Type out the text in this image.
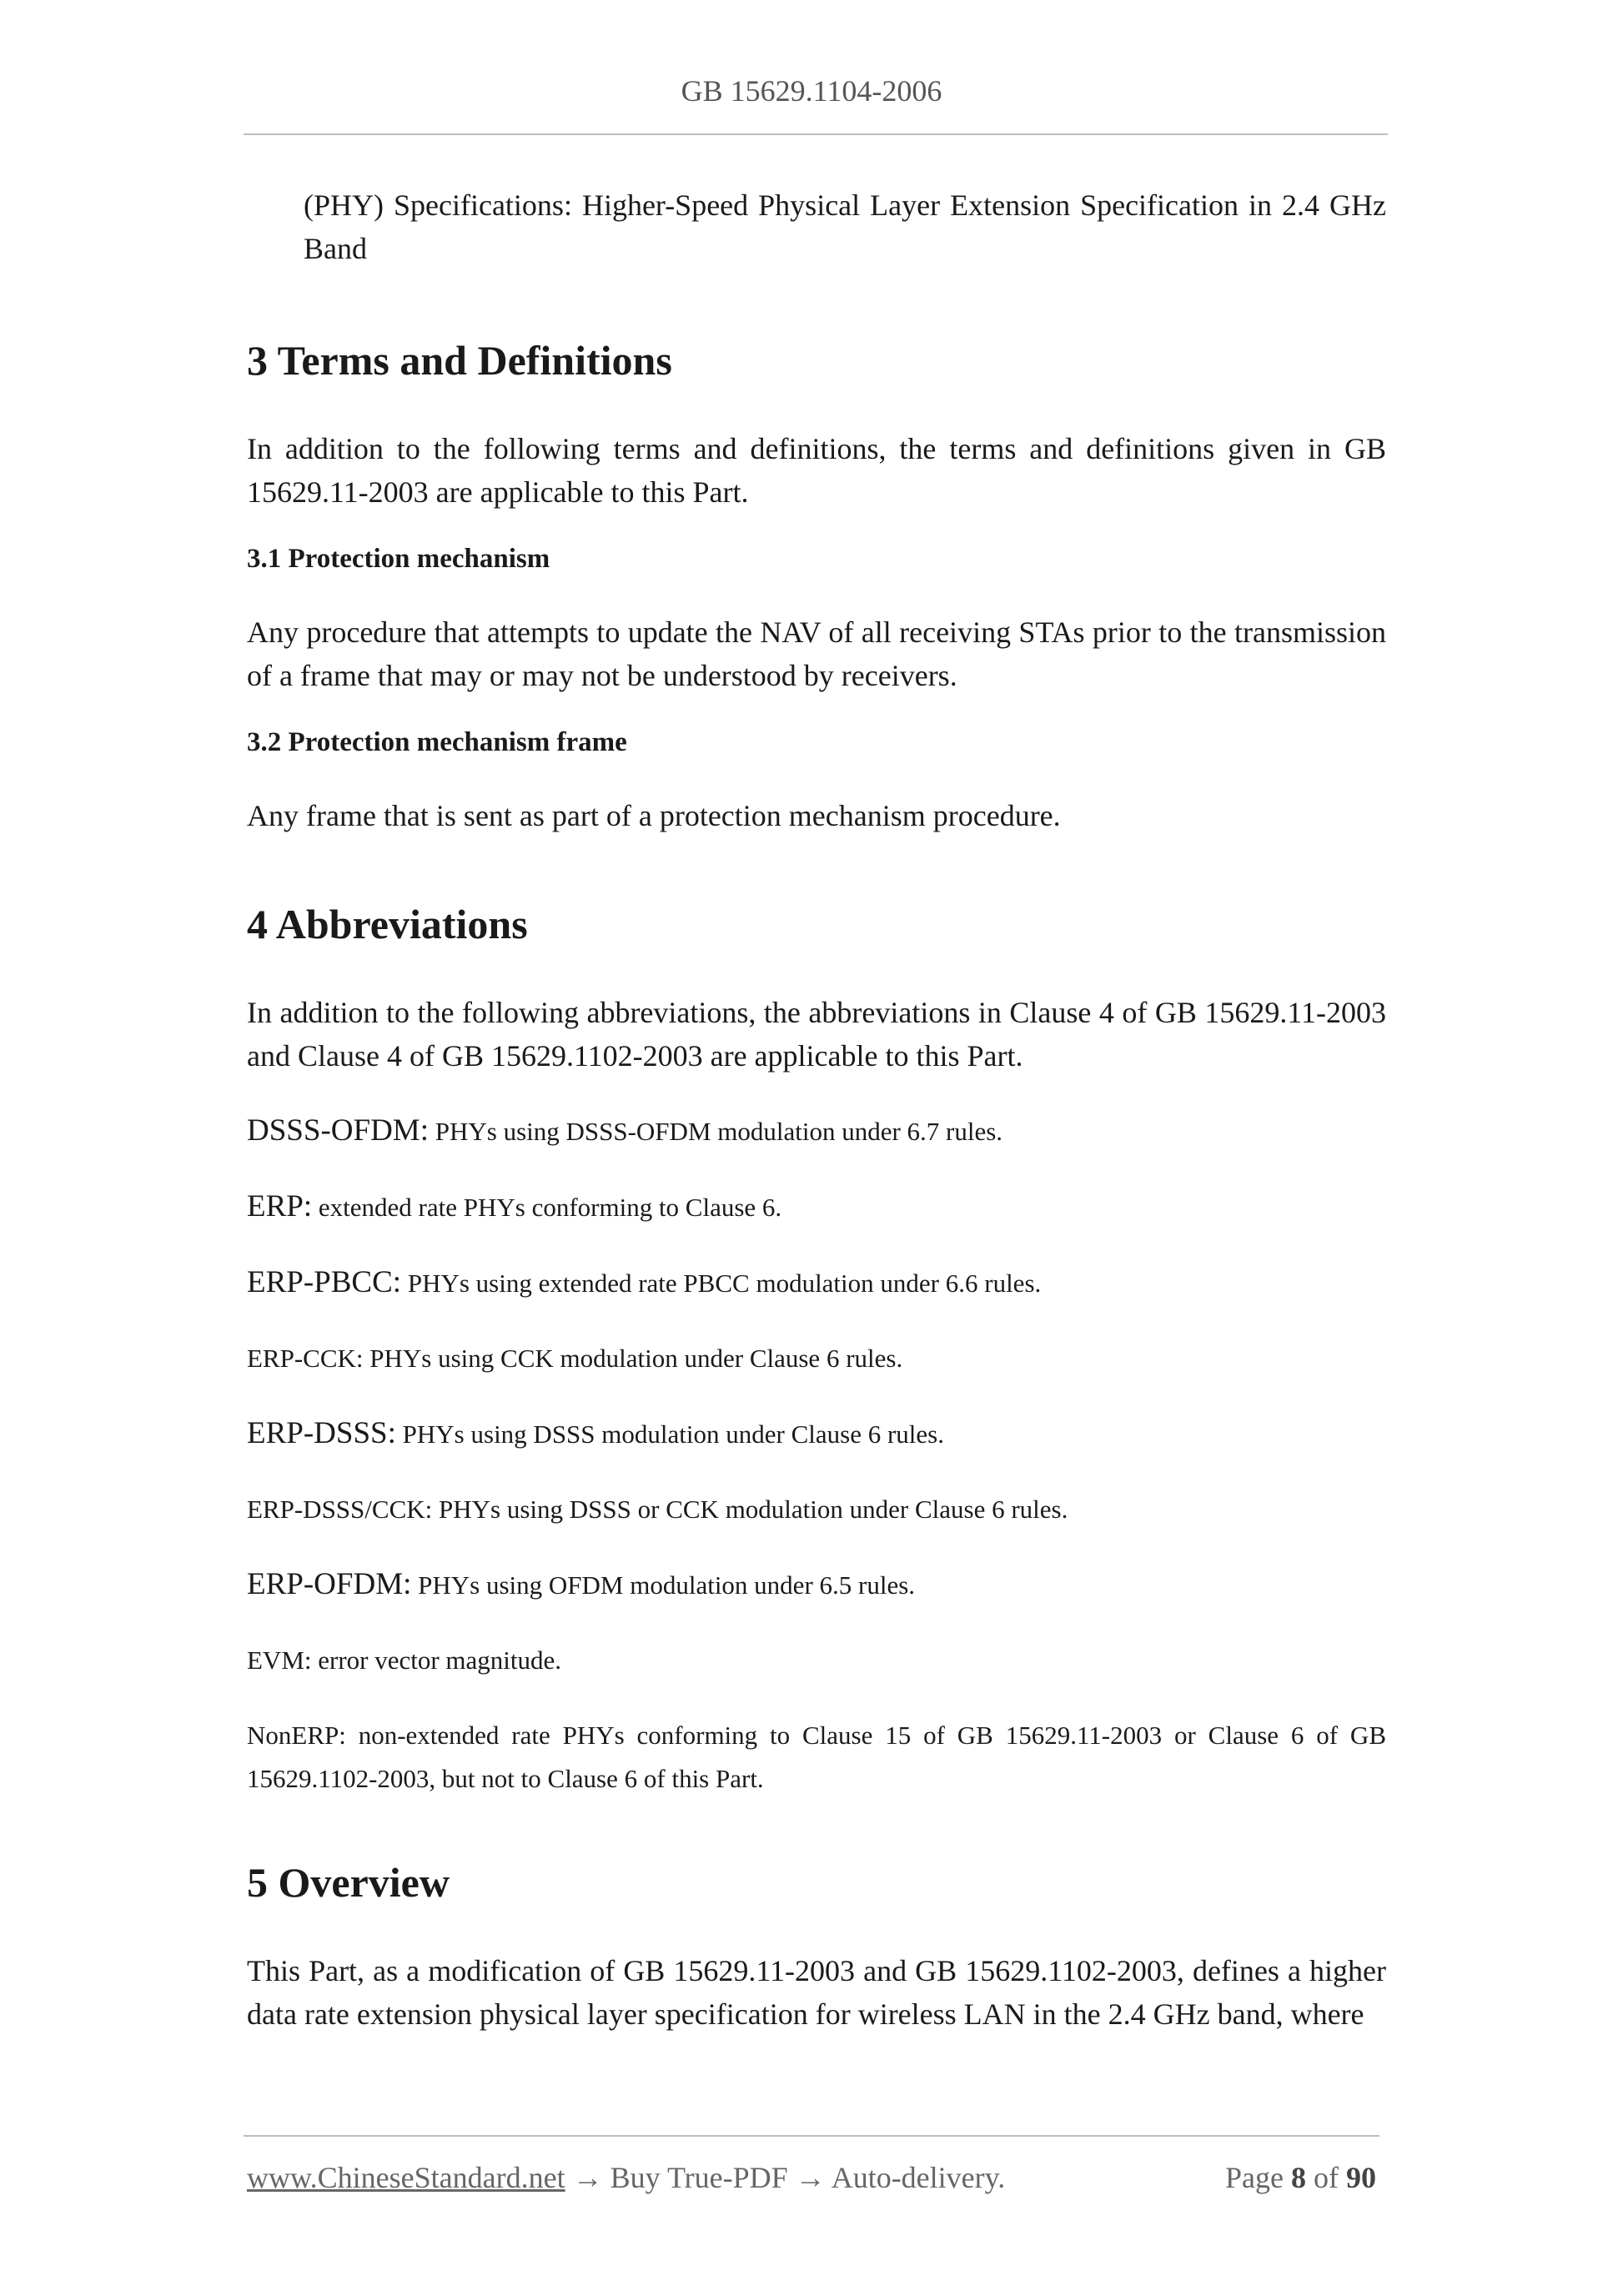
GB 15629.1104-2006

(PHY) Specifications: Higher-Speed Physical Layer Extension Specification in 2.4 GHz Band

3 Terms and Definitions

In addition to the following terms and definitions, the terms and definitions given in GB 15629.11-2003 are applicable to this Part.

3.1 Protection mechanism

Any procedure that attempts to update the NAV of all receiving STAs prior to the transmission of a frame that may or may not be understood by receivers.

3.2 Protection mechanism frame

Any frame that is sent as part of a protection mechanism procedure.

4 Abbreviations

In addition to the following abbreviations, the abbreviations in Clause 4 of GB 15629.11-2003 and Clause 4 of GB 15629.1102-2003 are applicable to this Part.

DSSS-OFDM: PHYs using DSSS-OFDM modulation under 6.7 rules.

ERP: extended rate PHYs conforming to Clause 6.

ERP-PBCC: PHYs using extended rate PBCC modulation under 6.6 rules.

ERP-CCK: PHYs using CCK modulation under Clause 6 rules.

ERP-DSSS: PHYs using DSSS modulation under Clause 6 rules.

ERP-DSSS/CCK: PHYs using DSSS or CCK modulation under Clause 6 rules.

ERP-OFDM: PHYs using OFDM modulation under 6.5 rules.

EVM: error vector magnitude.

NonERP: non-extended rate PHYs conforming to Clause 15 of GB 15629.11-2003 or Clause 6 of GB 15629.1102-2003, but not to Clause 6 of this Part.

5 Overview

This Part, as a modification of GB 15629.11-2003 and GB 15629.1102-2003, defines a higher data rate extension physical layer specification for wireless LAN in the 2.4 GHz band, where

www.ChineseStandard.net → Buy True-PDF → Auto-delivery.	Page 8 of 90
